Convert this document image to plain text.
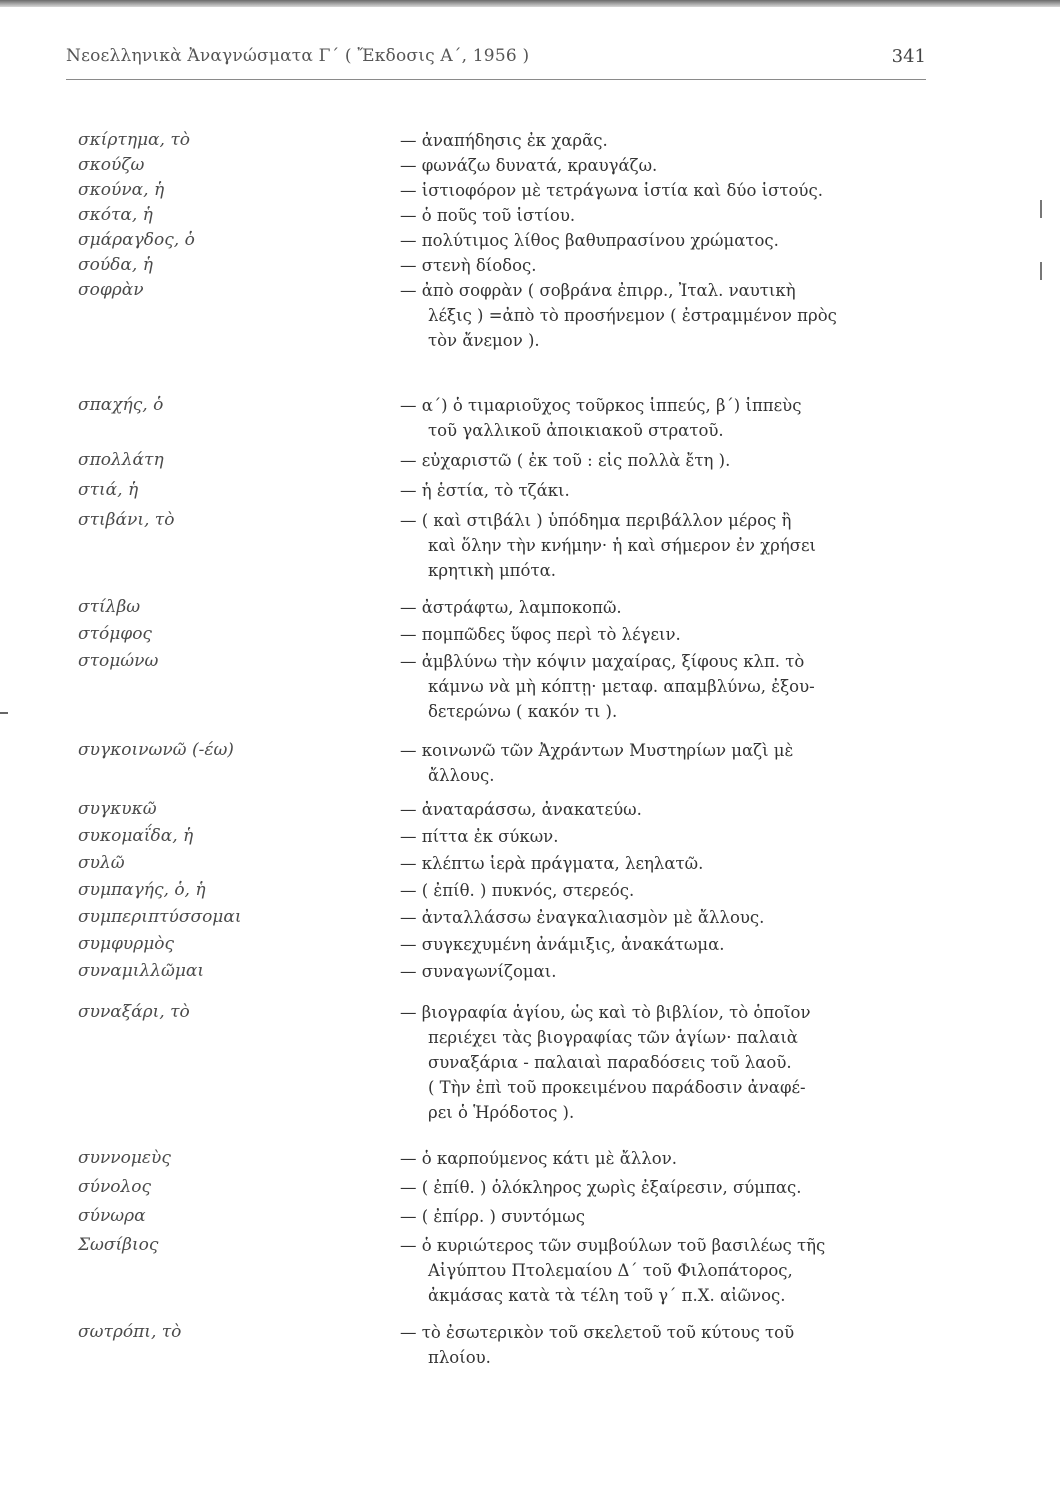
Νεοελληνικὰ Ἀναγνώσματα Γ΄ ( Ἔκδοσις Α΄, 1956 )	341
σκίρτημα, τὸ	— ἀναπήδησις ἐκ χαρᾶς.
σκούζω	— φωνάζω δυνατά, κραυγάζω.
σκούνα, ἡ	— ἱστιοφόρον μὲ τετράγωνα ἱστία καὶ δύο ἱστούς.
σκότα, ἡ	— ὁ ποῦς τοῦ ἱστίου.
σμάραγδος, ὁ	— πολύτιμος λίθος βαθυπρασίνου χρώματος.
σούδα, ἡ	— στενὴ δίοδος.
σοφρὰν	— ἀπὸ σοφρὰν ( σοβράνα ἐπιρρ., Ἰταλ. ναυτικὴ
λέξις ) =ἀπὸ τὸ προσήνεμον ( ἐστραμμένον πρὸς
τὸν ἄνεμον ).
σπαχής, ὁ	— α΄) ὁ τιμαριοῦχος τοῦρκος ἱππεύς, β΄) ἱππεὺς
τοῦ γαλλικοῦ ἀποικιακοῦ στρατοῦ.
σπολλάτη	— εὐχαριστῶ ( ἐκ τοῦ : εἰς πολλὰ ἔτη ).
στιά, ἡ	— ἡ ἑστία, τὸ τζάκι.
στιβάνι, τὸ	— ( καὶ στιβάλι ) ὑπόδημα περιβάλλον μέρος ἢ
καὶ ὅλην τὴν κνήμην· ἡ καὶ σήμερον ἐν χρήσει
κρητικὴ μπότα.
στίλβω	— ἀστράφτω, λαμποκοπῶ.
στόμφος	— πομπῶδες ὕφος περὶ τὸ λέγειν.
στομώνω	— ἀμβλύνω τὴν κόψιν μαχαίρας, ξίφους κλπ. τὸ
κάμνω νὰ μὴ κόπτῃ· μεταφ. απαμβλύνω, ἐξου-
δετερώνω ( κακόν τι ).
συγκοινωνῶ (-έω)	— κοινωνῶ τῶν Ἀχράντων Μυστηρίων μαζὶ μὲ
ἄλλους.
συγκυκῶ	— ἀναταράσσω, ἀνακατεύω.
συκομαΐδα, ἡ	— πίττα ἐκ σύκων.
συλῶ	— κλέπτω ἱερὰ πράγματα, λεηλατῶ.
συμπαγής, ὁ, ἡ	— ( ἐπίθ. ) πυκνός, στερεός.
συμπεριπτύσσομαι	— ἀνταλλάσσω ἐναγκαλιασμὸν μὲ ἄλλους.
συμφυρμὸς	— συγκεχυμένη ἀνάμιξις, ἀνακάτωμα.
συναμιλλῶμαι	— συναγωνίζομαι.
συναξάρι, τὸ	— βιογραφία ἁγίου, ὡς καὶ τὸ βιβλίον, τὸ ὁποῖον
περιέχει τὰς βιογραφίας τῶν ἁγίων· παλαιὰ
συναξάρια - παλαιαὶ παραδόσεις τοῦ λαοῦ.
( Τὴν ἐπὶ τοῦ προκειμένου παράδοσιν ἀναφέ-
ρει ὁ Ἡρόδοτος ).
συννομεὺς	— ὁ καρπούμενος κάτι μὲ ἄλλον.
σύνολος	— ( ἐπίθ. ) ὁλόκληρος χωρὶς ἐξαίρεσιν, σύμπας.
σύνωρα	— ( ἐπίρρ. ) συντόμως
Σωσίβιος	— ὁ κυριώτερος τῶν συμβούλων τοῦ βασιλέως τῆς
Αἰγύπτου Πτολεμαίου Δ΄ τοῦ Φιλοπάτορος,
ἀκμάσας κατὰ τὰ τέλη τοῦ γ΄ π.Χ. αἰῶνος.
σωτρόπι, τὸ	— τὸ ἐσωτερικὸν τοῦ σκελετοῦ τοῦ κύτους τοῦ
πλοίου.
